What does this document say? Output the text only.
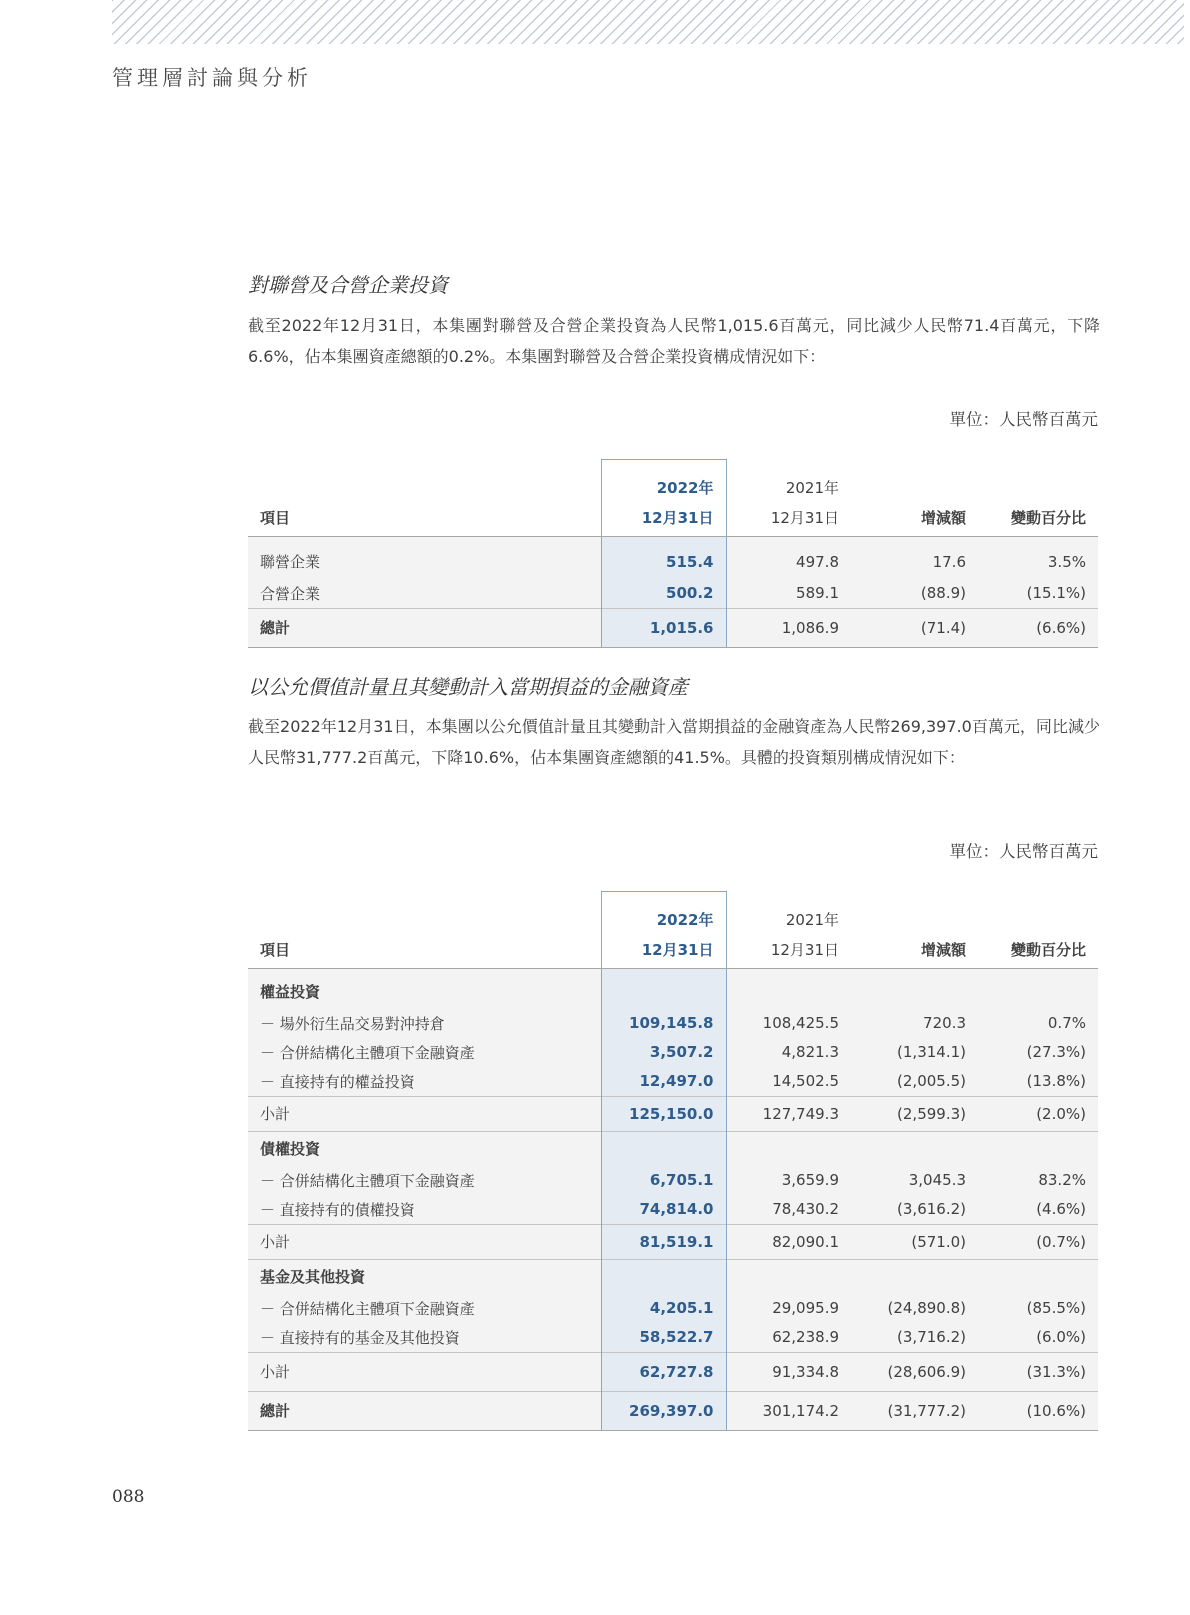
管理層討論與分析
對聯營及合營企業投資
截至2022年12月31日，本集團對聯營及合營企業投資為人民幣1,015.6百萬元，同比減少人民幣71.4百萬元，下降6.6%，佔本集團資產總額的0.2%。本集團對聯營及合營企業投資構成情況如下：
單位：人民幣百萬元
	2022年	2021年		
項目	12月31日	12月31日	增減額	變動百分比
聯營企業	515.4	497.8	17.6	3.5%
合營企業	500.2	589.1	(88.9)	(15.1%)
總計	1,015.6	1,086.9	(71.4)	(6.6%)
以公允價值計量且其變動計入當期損益的金融資產
截至2022年12月31日，本集團以公允價值計量且其變動計入當期損益的金融資產為人民幣269,397.0百萬元，同比減少人民幣31,777.2百萬元，下降10.6%，佔本集團資產總額的41.5%。具體的投資類別構成情況如下：
單位：人民幣百萬元
	2022年	2021年		
項目	12月31日	12月31日	增減額	變動百分比
權益投資				
－ 場外衍生品交易對沖持倉	109,145.8	108,425.5	720.3	0.7%
－ 合併結構化主體項下金融資產	3,507.2	4,821.3	(1,314.1)	(27.3%)
－ 直接持有的權益投資	12,497.0	14,502.5	(2,005.5)	(13.8%)
小計	125,150.0	127,749.3	(2,599.3)	(2.0%)
債權投資				
－ 合併結構化主體項下金融資產	6,705.1	3,659.9	3,045.3	83.2%
－ 直接持有的債權投資	74,814.0	78,430.2	(3,616.2)	(4.6%)
小計	81,519.1	82,090.1	(571.0)	(0.7%)
基金及其他投資				
－ 合併結構化主體項下金融資產	4,205.1	29,095.9	(24,890.8)	(85.5%)
－ 直接持有的基金及其他投資	58,522.7	62,238.9	(3,716.2)	(6.0%)
小計	62,727.8	91,334.8	(28,606.9)	(31.3%)
總計	269,397.0	301,174.2	(31,777.2)	(10.6%)
088
